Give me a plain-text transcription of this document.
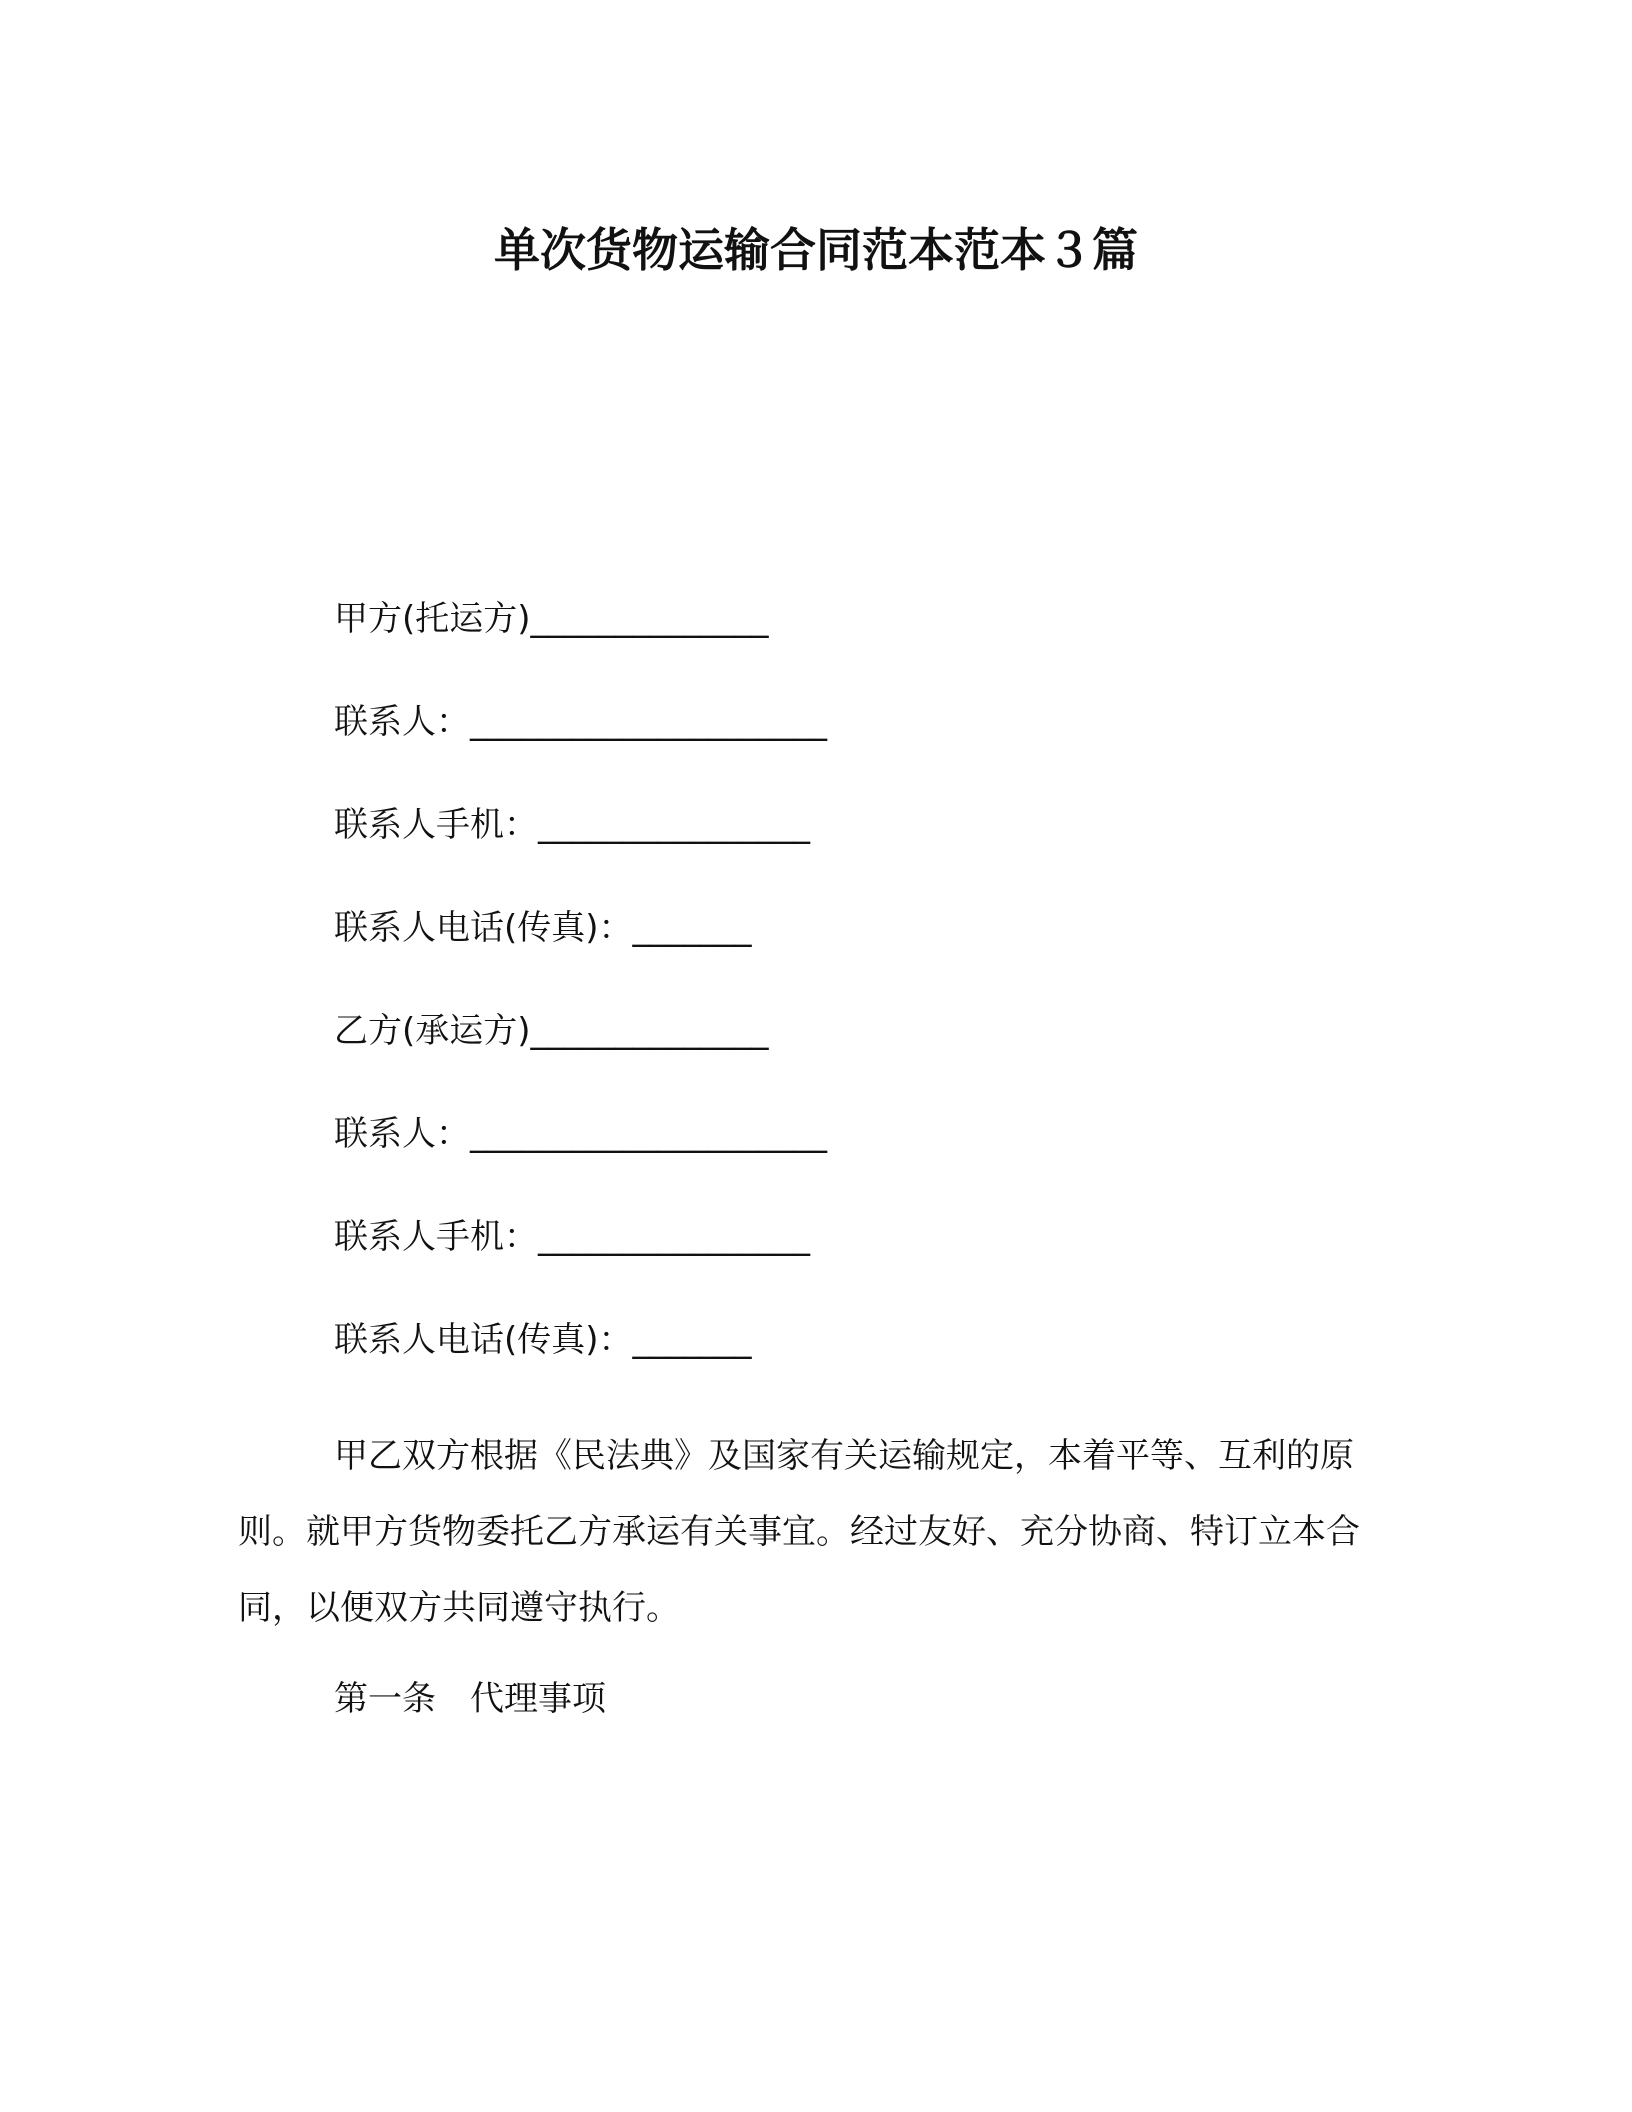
单次货物运输合同范本范本３篇
甲方(托运方)______________
联系人：_____________________
联系人手机：________________
联系人电话(传真)：_______
乙方(承运方)______________
联系人：_____________________
联系人手机：________________
联系人电话(传真)：_______
甲乙双方根据《民法典》及国家有关运输规定，本着平等、互利的原则。就甲方货物委托乙方承运有关事宜。经过友好、充分协商、特订立本合同，以便双方共同遵守执行。
第一条　代理事项
